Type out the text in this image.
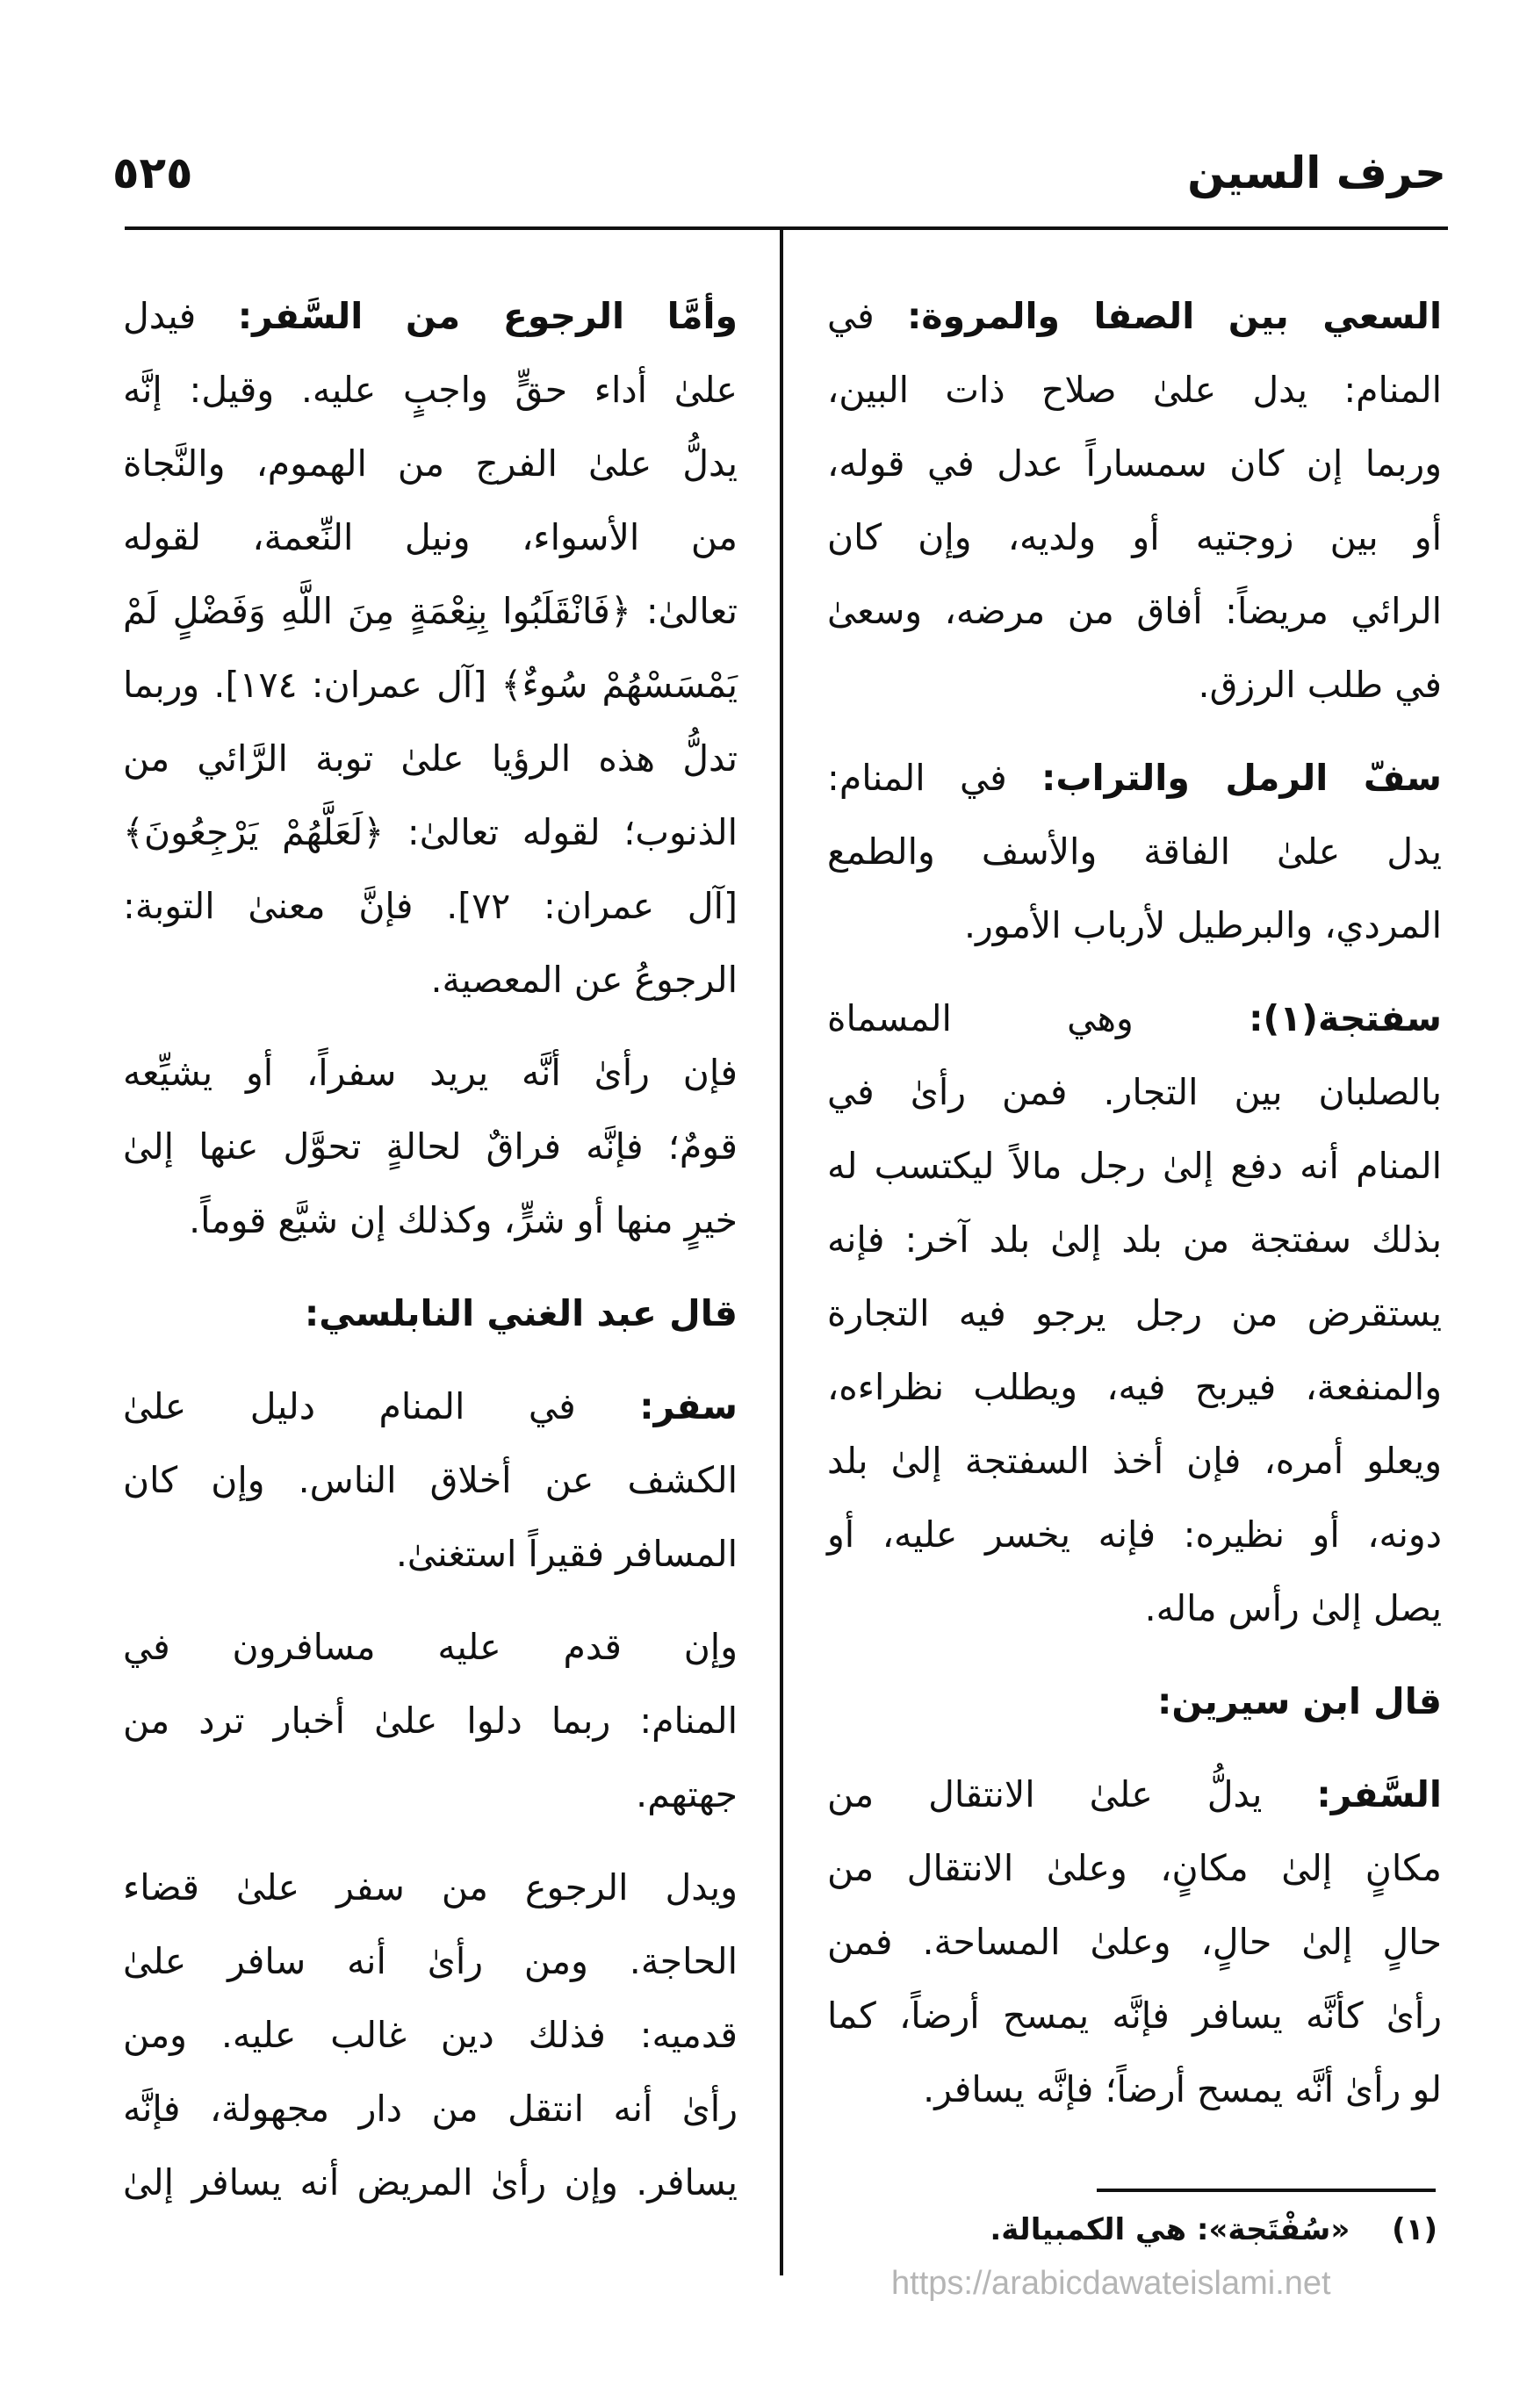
حرف السين
٥٢٥
السعي بين الصفا والمروة: في
المنام: يدل علىٰ صلاح ذات البين،
وربما إن كان سمساراً عدل في قوله،
أو بين زوجتيه أو ولديه، وإن كان
الرائي مريضاً: أفاق من مرضه، وسعىٰ
في طلب الرزق.
سفّ الرمل والتراب: في المنام:
يدل علىٰ الفاقة والأسف والطمع
المردي، والبرطيل لأرباب الأمور.
سفتجة(١): وهي المسماة
بالصلبان بين التجار. فمن رأىٰ في
المنام أنه دفع إلىٰ رجل مالاً ليكتسب له
بذلك سفتجة من بلد إلىٰ بلد آخر: فإنه
يستقرض من رجل يرجو فيه التجارة
والمنفعة، فيربح فيه، ويطلب نظراءه،
ويعلو أمره، فإن أخذ السفتجة إلىٰ بلد
دونه، أو نظيره: فإنه يخسر عليه، أو
يصل إلىٰ رأس ماله.
قال ابن سيرين:
السَّفر: يدلُّ علىٰ الانتقال من
مكانٍ إلىٰ مكانٍ، وعلىٰ الانتقال من
حالٍ إلىٰ حالٍ، وعلىٰ المساحة. فمن
رأىٰ كأنَّه يسافر فإنَّه يمسح أرضاً، كما
لو رأىٰ أنَّه يمسح أرضاً؛ فإنَّه يسافر.
وأمَّا الرجوع من السَّفر: فيدل
علىٰ أداء حقٍّ واجبٍ عليه. وقيل: إنَّه
يدلُّ علىٰ الفرج من الهموم، والنَّجاة
من الأسواء، ونيل النِّعمة، لقوله
تعالىٰ: ﴿فَانْقَلَبُوا بِنِعْمَةٍ مِنَ اللَّهِ وَفَضْلٍ لَمْ
يَمْسَسْهُمْ سُوءٌ﴾ [آل عمران: ١٧٤]. وربما
تدلُّ هذه الرؤيا علىٰ توبة الرَّائي من
الذنوب؛ لقوله تعالىٰ: ﴿لَعَلَّهُمْ يَرْجِعُونَ﴾
[آل عمران: ٧٢]. فإنَّ معنىٰ التوبة:
الرجوعُ عن المعصية.
فإن رأىٰ أنَّه يريد سفراً، أو يشيِّعه
قومٌ؛ فإنَّه فراقٌ لحالةٍ تحوَّل عنها إلىٰ
خيرٍ منها أو شرٍّ، وكذلك إن شيَّع قوماً.
قال عبد الغني النابلسي:
سفر: في المنام دليل علىٰ
الكشف عن أخلاق الناس. وإن كان
المسافر فقيراً استغنىٰ.
وإن قدم عليه مسافرون في
المنام: ربما دلوا علىٰ أخبار ترد من
جهتهم.
ويدل الرجوع من سفر علىٰ قضاء
الحاجة. ومن رأىٰ أنه سافر علىٰ
قدميه: فذلك دين غالب عليه. ومن
رأىٰ أنه انتقل من دار مجهولة، فإنَّه
يسافر. وإن رأىٰ المريض أنه يسافر إلىٰ
(١) «سُفْتَجة»: هي الكمبيالة.
https://arabicdawateislami.net
